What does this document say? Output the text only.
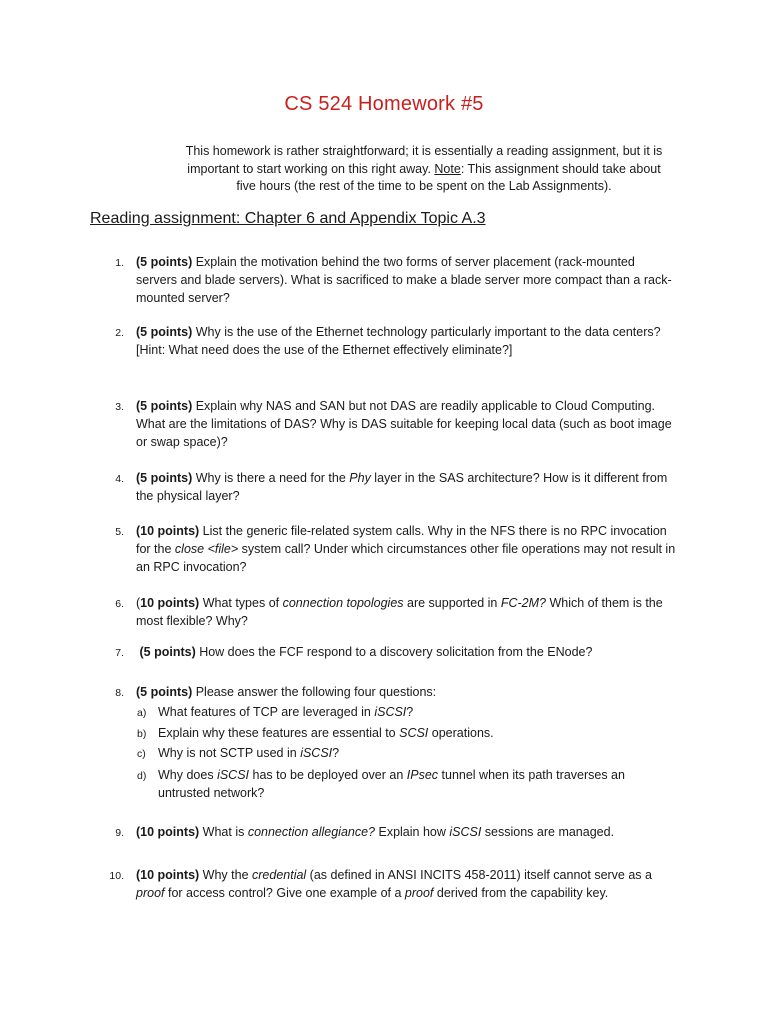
CS 524 Homework #5
This homework is rather straightforward; it is essentially a reading assignment, but it is important to start working on this right away. Note: This assignment should take about five hours (the rest of the time to be spent on the Lab Assignments).
Reading assignment: Chapter 6 and Appendix Topic A.3
1. (5 points) Explain the motivation behind the two forms of server placement (rack-mounted servers and blade servers). What is sacrificed to make a blade server more compact than a rack-mounted server?
2. (5 points) Why is the use of the Ethernet technology particularly important to the data centers? [Hint: What need does the use of the Ethernet effectively eliminate?]
3. (5 points) Explain why NAS and SAN but not DAS are readily applicable to Cloud Computing. What are the limitations of DAS? Why is DAS suitable for keeping local data (such as boot image or swap space)?
4. (5 points) Why is there a need for the Phy layer in the SAS architecture? How is it different from the physical layer?
5. (10 points) List the generic file-related system calls. Why in the NFS there is no RPC invocation for the close <file> system call? Under which circumstances other file operations may not result in an RPC invocation?
6. (10 points) What types of connection topologies are supported in FC-2M? Which of them is the most flexible? Why?
7. (5 points) How does the FCF respond to a discovery solicitation from the ENode?
8. (5 points) Please answer the following four questions:
a) What features of TCP are leveraged in iSCSI?
b) Explain why these features are essential to SCSI operations.
c) Why is not SCTP used in iSCSI?
d) Why does iSCSI has to be deployed over an IPsec tunnel when its path traverses an untrusted network?
9. (10 points) What is connection allegiance? Explain how iSCSI sessions are managed.
10. (10 points) Why the credential (as defined in ANSI INCITS 458-2011) itself cannot serve as a proof for access control? Give one example of a proof derived from the capability key.
